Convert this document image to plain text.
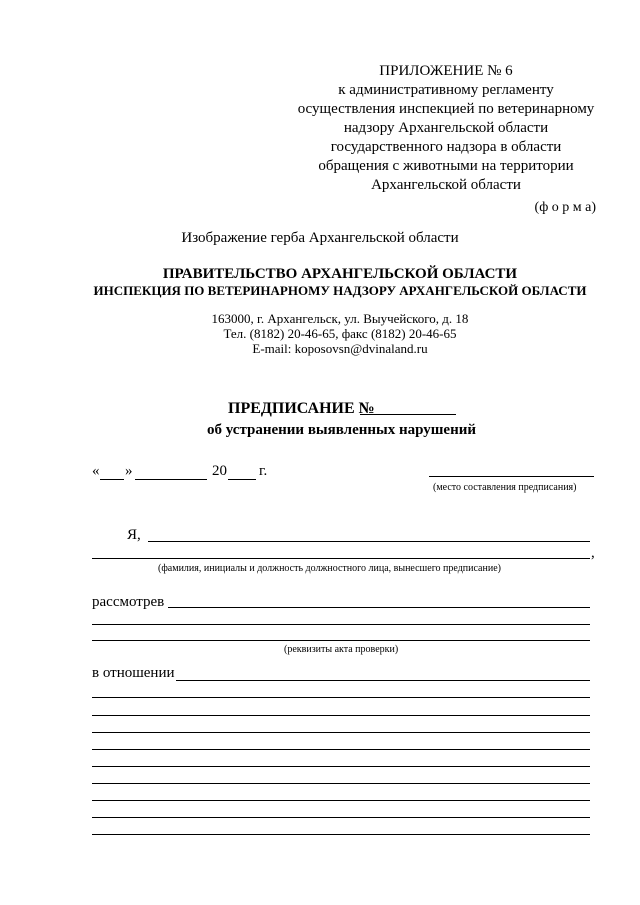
ПРИЛОЖЕНИЕ № 6
к административному регламенту
осуществления инспекцией по ветеринарному
надзору Архангельской области
государственного надзора в области
обращения с животными на территории
Архангельской области
(ф о р м а)
Изображение герба Архангельской области
ПРАВИТЕЛЬСТВО АРХАНГЕЛЬСКОЙ ОБЛАСТИ
ИНСПЕКЦИЯ ПО ВЕТЕРИНАРНОМУ НАДЗОРУ АРХАНГЕЛЬСКОЙ ОБЛАСТИ
163000, г. Архангельск, ул. Выучейского, д. 18
Тел. (8182) 20-46-65, факс (8182) 20-46-65
E-mail: koposovsn@dvinaland.ru
ПРЕДПИСАНИЕ №
об устранении выявленных нарушений
« »	20 г.
(место составления предписания)
Я,
,
(фамилия, инициалы и должность должностного лица, вынесшего предписание)
рассмотрев
(реквизиты акта проверки)
в отношении
